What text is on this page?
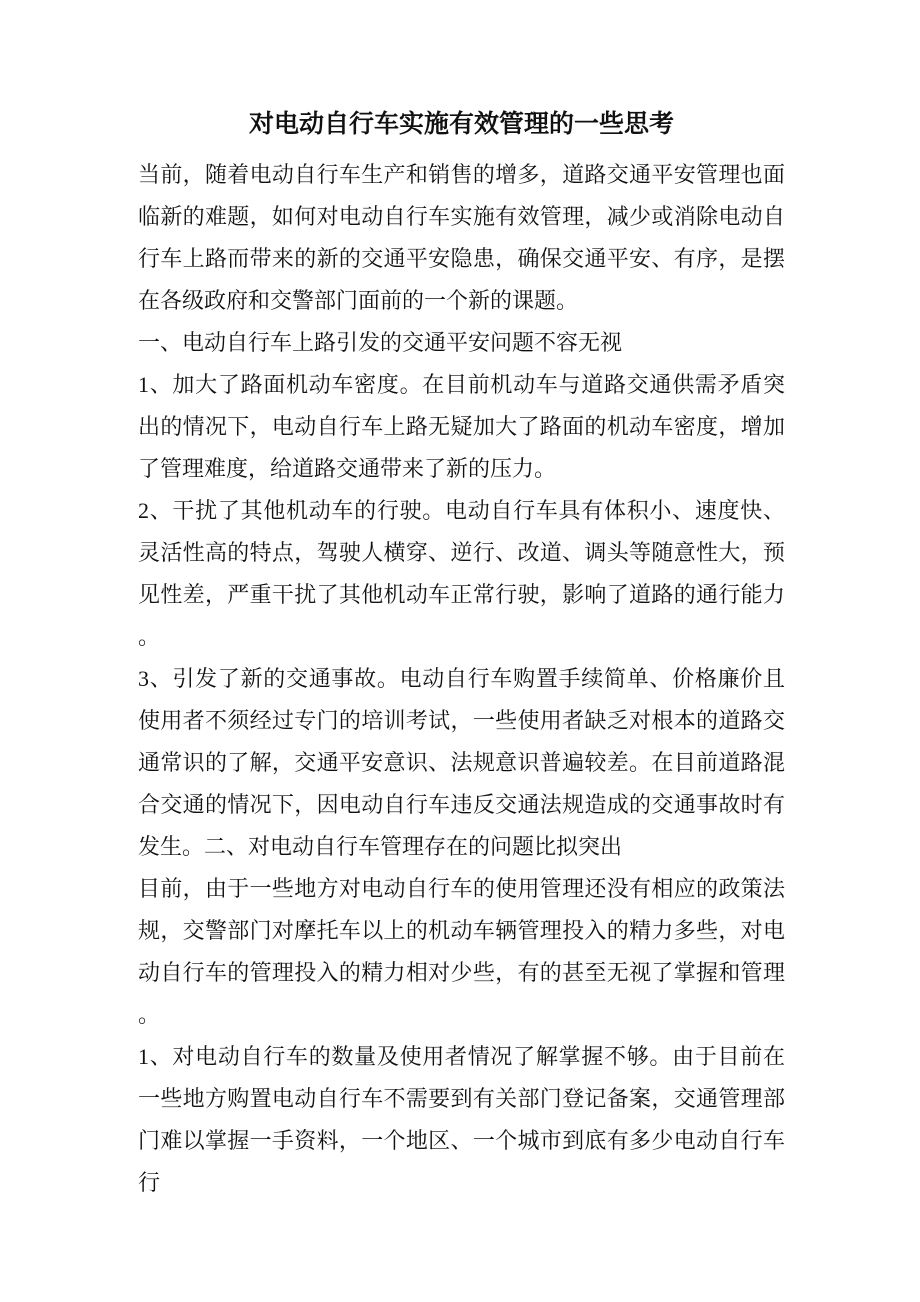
对电动自行车实施有效管理的一些思考

当前，随着电动自行车生产和销售的增多，道路交通平安管理也面临新的难题，如何对电动自行车实施有效管理，减少或消除电动自行车上路而带来的新的交通平安隐患，确保交通平安、有序，是摆在各级政府和交警部门面前的一个新的课题。

一、电动自行车上路引发的交通平安问题不容无视

1、加大了路面机动车密度。在目前机动车与道路交通供需矛盾突出的情况下，电动自行车上路无疑加大了路面的机动车密度，增加了管理难度，给道路交通带来了新的压力。

2、干扰了其他机动车的行驶。电动自行车具有体积小、速度快、灵活性高的特点，驾驶人横穿、逆行、改道、调头等随意性大，预见性差，严重干扰了其他机动车正常行驶，影响了道路的通行能力。

3、引发了新的交通事故。电动自行车购置手续简单、价格廉价且使用者不须经过专门的培训考试，一些使用者缺乏对根本的道路交通常识的了解，交通平安意识、法规意识普遍较差。在目前道路混合交通的情况下，因电动自行车违反交通法规造成的交通事故时有发生。二、对电动自行车管理存在的问题比拟突出

目前，由于一些地方对电动自行车的使用管理还没有相应的政策法规，交警部门对摩托车以上的机动车辆管理投入的精力多些，对电动自行车的管理投入的精力相对少些，有的甚至无视了掌握和管理。

1、对电动自行车的数量及使用者情况了解掌握不够。由于目前在一些地方购置电动自行车不需要到有关部门登记备案，交通管理部门难以掌握一手资料，一个地区、一个城市到底有多少电动自行车行
